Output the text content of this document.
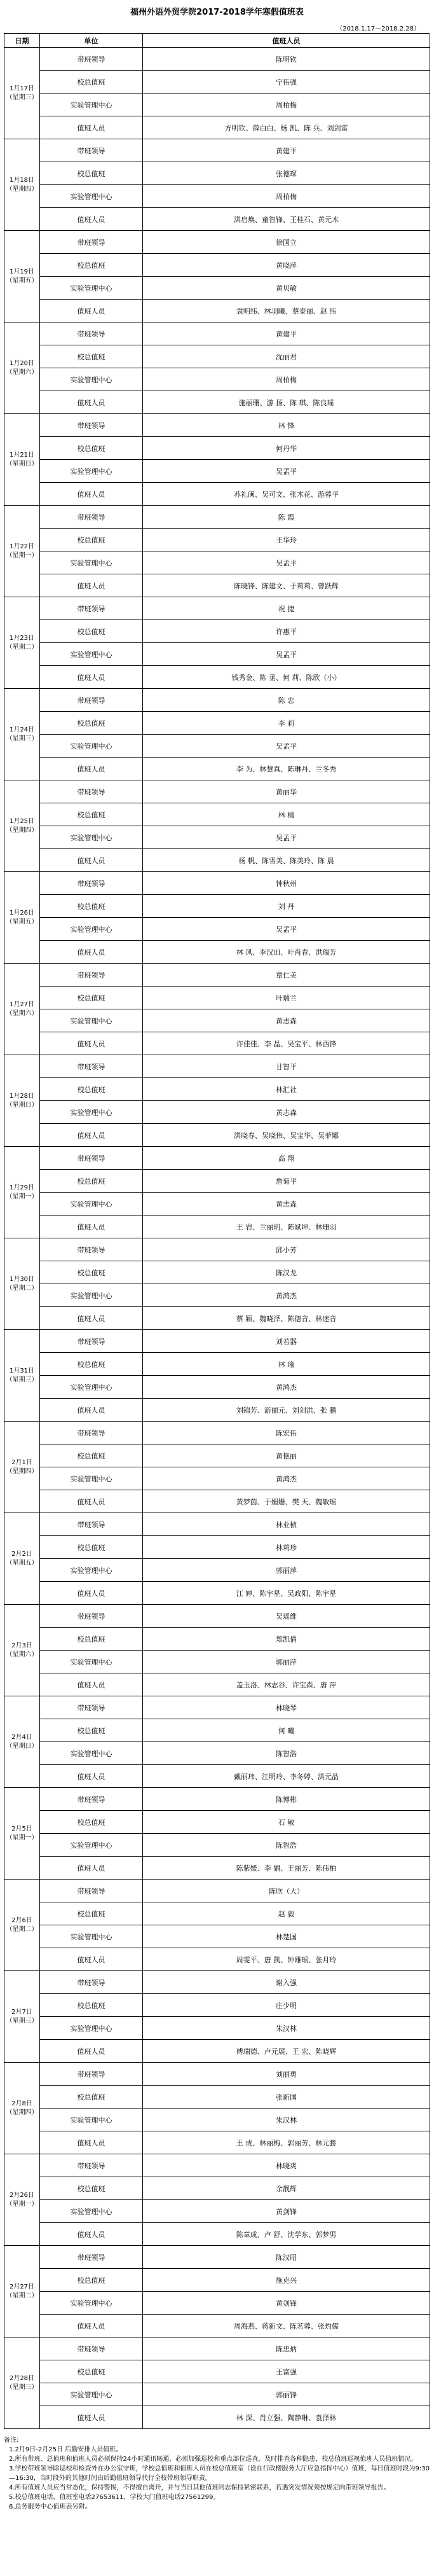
福州外语外贸学院2017-2018学年寒假值班表
（2018.1.17－2018.2.28）
日期	单位	值班人员
1月17日
（星期三）
带班领导	陈明钦
校总值班	宁伟强
实验管理中心	周柏梅
值班人员	方明钦、薛白白、杨 凯、陈 兵、刘剑雷
1月18日
（星期四）
带班领导	黄建平
校总值班	张德琛
实验管理中心	周柏梅
值班人员	洪启焕、童智锋、王桂石、黄元木
1月19日
（星期五）
带班领导	徐国立
校总值班	黄晓萍
实验管理中心	黄贝敏
值班人员	袁明纬、林羽曦、蔡泰丽、赵 纬
1月20日
（星期六）
带班领导	黄建平
校总值班	沈丽君
实验管理中心	周柏梅
值班人员	施丽珊、游 扬、陈 琪、陈良瑶
1月21日
（星期日）
带班领导	林 锋
校总值班	何丹华
实验管理中心	吴孟平
值班人员	苏礼闽、吴可文、张木花、游蓉平
1月22日
（星期一）
带班领导	陈 霞
校总值班	王华玲
实验管理中心	吴孟平
值班人员	陈晓锋、陈建文、于莉莉、曾跃辉
1月23日
（星期二）
带班领导	祝 捷
校总值班	许惠平
实验管理中心	吴孟平
值班人员	钱秀金、陈 丞、何 莉、陈欣（小）
1月24日
（星期三）
带班领导	陈 忠
校总值班	李 莉
实验管理中心	吴孟平
值班人员	李 为、林慧真、陈琳丹、兰冬秀
1月25日
（星期四）
带班领导	黄丽华
校总值班	林 楠
实验管理中心	吴孟平
值班人员	杨 帆、陈雪美、陈美玲、陈 晨
1月26日
（星期五）
带班领导	钟秋州
校总值班	刘 丹
实验管理中心	吴孟平
值班人员	林 风、李汉田、叶肖春、洪瑞芳
1月27日
（星期六）
带班领导	章仁美
校总值班	叶瑞兰
实验管理中心	黄志森
值班人员	许佳佳、李 晶、吴宝平、林西锋
1月28日
（星期日）
带班领导	甘智平
校总值班	林汇社
实验管理中心	黄志森
值班人员	洪晓春、吴晓伟、吴宝华、吴菲娜
1月29日
（星期一）
带班领导	高 翔
校总值班	詹菊平
实验管理中心	黄志森
值班人员	王 岩、兰丽玥、陈斌坤、林珊羽
1月30日
（星期二）
带班领导	邱小芳
校总值班	陈汉龙
实验管理中心	黄鸿杰
值班人员	蔡 颖、魏晓泽、陈德音、林迷音
1月31日
（星期三）
带班领导	刘若器
校总值班	林 瑜
实验管理中心	黄鸿杰
值班人员	刘锦芳、游丽元、刘剑洪、张 鹏
2月1日
（星期四）
带班领导	陈宏伟
校总值班	黄艳丽
实验管理中心	黄鸿杰
值班人员	黄梦茵、于媚姗、樊 天、魏敏瑶
2月2日
（星期五）
带班领导	林业桢
校总值班	林莉珍
实验管理中心	郭丽萍
值班人员	江 婷、陈宇星、吴政阳、陈宇星
2月3日
（星期六）
带班领导	吴瑶维
校总值班	郑凯倩
实验管理中心	郭丽萍
值班人员	盖玉洛、林志谷、许宝森、唐 萍
2月4日
（星期日）
带班领导	林晓琴
校总值班	何 曦
实验管理中心	陈智浩
值班人员	戴丽玮、江明玲、李冬婷、洪元晶
2月5日
（星期一）
带班领导	陈博彬
校总值班	石 敏
实验管理中心	陈智浩
值班人员	陈紫媛、李 娟、王丽芳、陈伟柏
2月6日
（星期二）
带班领导	陈欣（大）
校总值班	赵 毅
实验管理中心	林楚国
值班人员	周雯平、唐 凯、钟雄瑶、张月玲
2月7日
（星期三）
带班领导	谢入强
校总值班	庄少明
实验管理中心	朱汉林
值班人员	傅瑞德、卢元展、王 宏、陈晓辉
2月8日
（星期四）
带班领导	刘丽勇
校总值班	张新国
实验管理中心	朱汉林
值班人员	王 成、林丽梅、郭丽芳、林元勝
2月26日
（星期一）
带班领导	林晓爽
校总值班	余靓辉
实验管理中心	黄剑锋
值班人员	陈章成、卢 舒、沈学东、郭梦男
2月27日
（星期二）
带班领导	陈汉昭
校总值班	施克兴
实验管理中心	黄剑锋
值班人员	周海燕、蒋新文、陈茗蓉、张灼儒
2月28日
（星期三）
带班领导	陈忠炳
校总值班	王富强
实验管理中心	郭丽锋
值班人员	林 深、肖立强、陶静琳、袁泽林
备注:
1.2月9日-2月25日 后勤安排人员值班。
2.所有带班、总值班和值班人员必须保持24小时通讯畅通，必须加强巡校和重点部位巡查，及时排查各种隐患，校总值班巡视值班人员值班情况。
3.学校带班领导除巡校和检查外在办公室守班，学校总值班和值班人员在校总值班室（设在行政楼服务大厅应急指挥中心）值班，每日值班时段为9:30—16:30，当时段外的其他时间由后勤值班领导代行全校带班领导职责。
4.所有值班人员应当常态化，保持警惕，不得擅自离开，并与当日其他值班同志保持紧密联系，若遇突发情况须按规定向带班领导报告。
5.校总值班电话，值班室电话27653611，学校大门值班电话27561299。
6.总务服务中心值班表另附。
